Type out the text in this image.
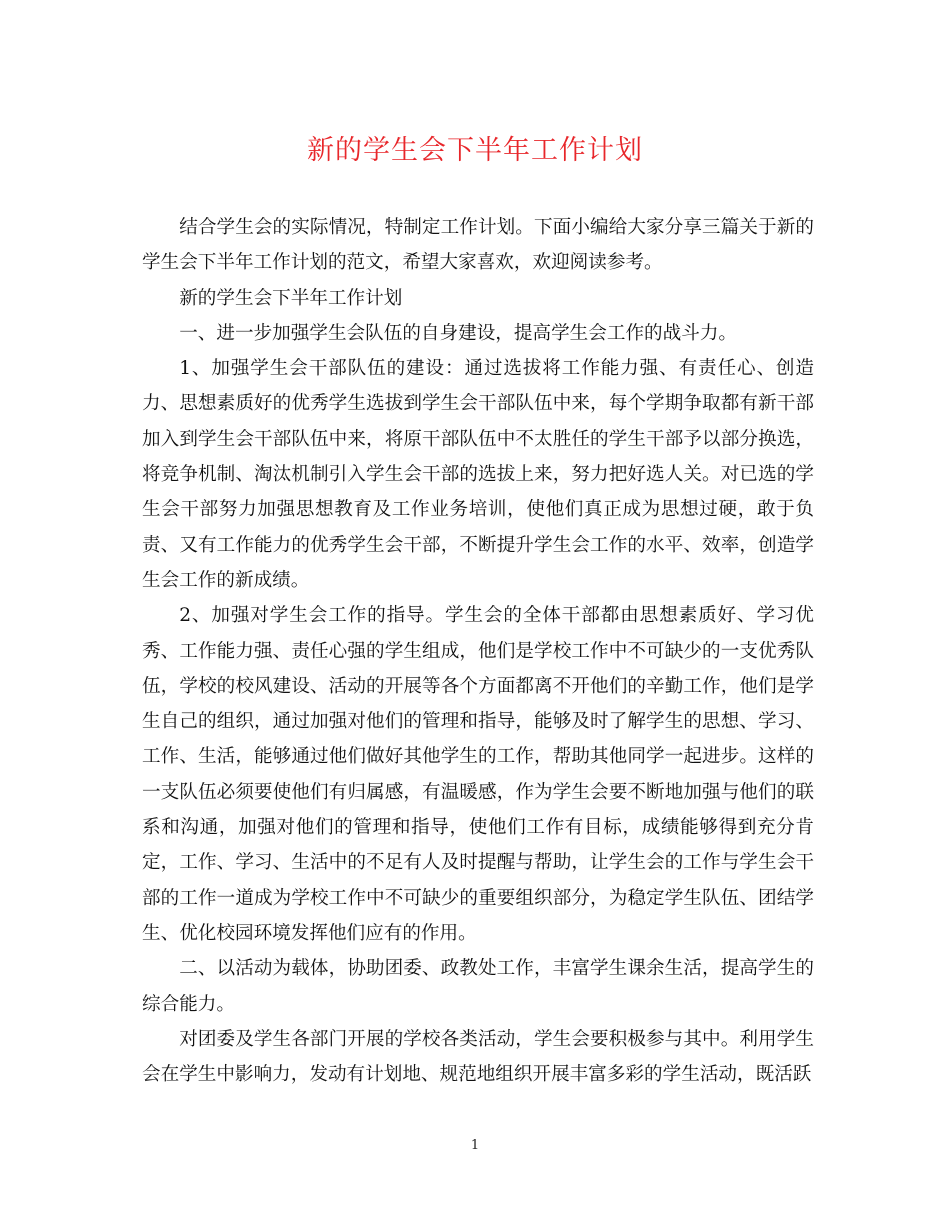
新的学生会下半年工作计划

结合学生会的实际情况，特制定工作计划。下面小编给大家分享三篇关于新的学生会下半年工作计划的范文，希望大家喜欢，欢迎阅读参考。

新的学生会下半年工作计划

一、进一步加强学生会队伍的自身建设，提高学生会工作的战斗力。

1、加强学生会干部队伍的建设：通过选拔将工作能力强、有责任心、创造力、思想素质好的优秀学生选拔到学生会干部队伍中来，每个学期争取都有新干部加入到学生会干部队伍中来，将原干部队伍中不太胜任的学生干部予以部分换选，将竞争机制、淘汰机制引入学生会干部的选拔上来，努力把好选人关。对已选的学生会干部努力加强思想教育及工作业务培训，使他们真正成为思想过硬，敢于负责、又有工作能力的优秀学生会干部，不断提升学生会工作的水平、效率，创造学生会工作的新成绩。

2、加强对学生会工作的指导。学生会的全体干部都由思想素质好、学习优秀、工作能力强、责任心强的学生组成，他们是学校工作中不可缺少的一支优秀队伍，学校的校风建设、活动的开展等各个方面都离不开他们的辛勤工作，他们是学生自己的组织，通过加强对他们的管理和指导，能够及时了解学生的思想、学习、工作、生活，能够通过他们做好其他学生的工作，帮助其他同学一起进步。这样的一支队伍必须要使他们有归属感，有温暖感，作为学生会要不断地加强与他们的联系和沟通，加强对他们的管理和指导，使他们工作有目标，成绩能够得到充分肯定，工作、学习、生活中的不足有人及时提醒与帮助，让学生会的工作与学生会干部的工作一道成为学校工作中不可缺少的重要组织部分，为稳定学生队伍、团结学生、优化校园环境发挥他们应有的作用。

二、以活动为载体，协助团委、政教处工作，丰富学生课余生活，提高学生的综合能力。

对团委及学生各部门开展的学校各类活动，学生会要积极参与其中。利用学生会在学生中影响力，发动有计划地、规范地组织开展丰富多彩的学生活动，既活跃

1
